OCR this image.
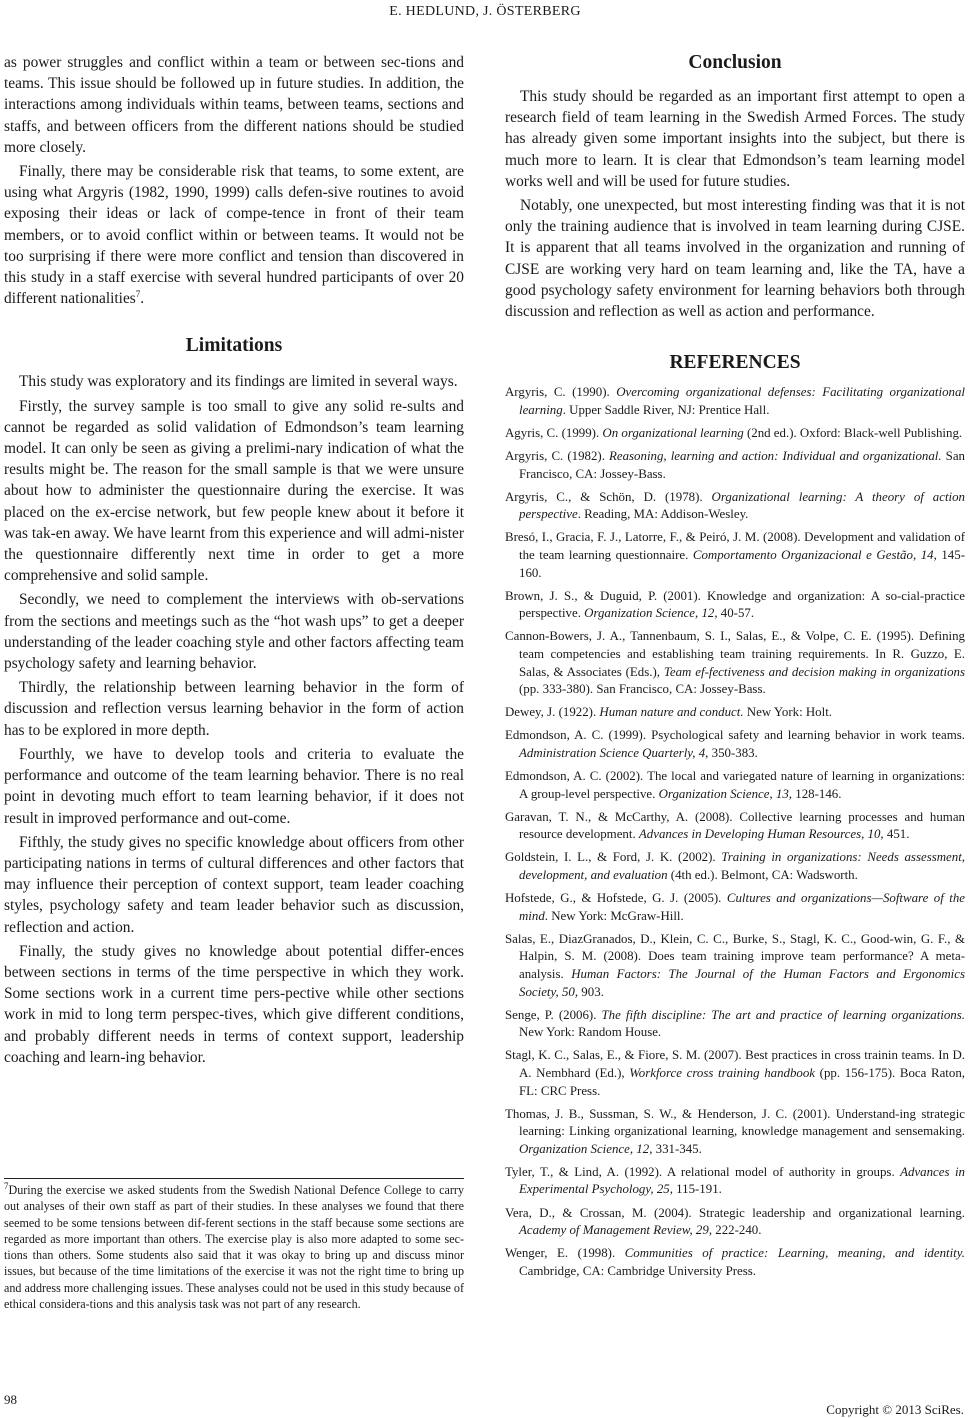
E. HEDLUND, J. ÖSTERBERG

as power struggles and conflict within a team or between sec-tions and teams. This issue should be followed up in future studies. In addition, the interactions among individuals within teams, between teams, sections and staffs, and between officers from the different nations should be studied more closely.

Finally, there may be considerable risk that teams, to some extent, are using what Argyris (1982, 1990, 1999) calls defen-sive routines to avoid exposing their ideas or lack of compe-tence in front of their team members, or to avoid conflict within or between teams. It would not be too surprising if there were more conflict and tension than discovered in this study in a staff exercise with several hundred participants of over 20 different nationalities$^7$.

Limitations

This study was exploratory and its findings are limited in several ways.

Firstly, the survey sample is too small to give any solid re-sults and cannot be regarded as solid validation of Edmondson’s team learning model. It can only be seen as giving a prelimi-nary indication of what the results might be. The reason for the small sample is that we were unsure about how to administer the questionnaire during the exercise. It was placed on the ex-ercise network, but few people knew about it before it was tak-en away. We have learnt from this experience and will admi-nister the questionnaire differently next time in order to get a more comprehensive and solid sample.

Secondly, we need to complement the interviews with ob-servations from the sections and meetings such as the “hot wash ups” to get a deeper understanding of the leader coaching style and other factors affecting team psychology safety and learning behavior.

Thirdly, the relationship between learning behavior in the form of discussion and reflection versus learning behavior in the form of action has to be explored in more depth.

Fourthly, we have to develop tools and criteria to evaluate the performance and outcome of the team learning behavior. There is no real point in devoting much effort to team learning behavior, if it does not result in improved performance and out-come.

Fifthly, the study gives no specific knowledge about officers from other participating nations in terms of cultural differences and other factors that may influence their perception of context support, team leader coaching styles, psychology safety and team leader behavior such as discussion, reflection and action.

Finally, the study gives no knowledge about potential differ-ences between sections in terms of the time perspective in which they work. Some sections work in a current time pers-pective while other sections work in mid to long term perspec-tives, which give different conditions, and probably different needs in terms of context support, leadership coaching and learn-ing behavior.

$^7$During the exercise we asked students from the Swedish National Defence College to carry out analyses of their own staff as part of their studies. In these analyses we found that there seemed to be some tensions between dif-ferent sections in the staff because some sections are regarded as more important than others. The exercise play is also more adapted to some sec-tions than others. Some students also said that it was okay to bring up and discuss minor issues, but because of the time limitations of the exercise it was not the right time to bring up and address more challenging issues. These analyses could not be used in this study because of ethical considera-tions and this analysis task was not part of any research.

Conclusion

This study should be regarded as an important first attempt to open a research field of team learning in the Swedish Armed Forces. The study has already given some important insights into the subject, but there is much more to learn. It is clear that Edmondson’s team learning model works well and will be used for future studies.

Notably, one unexpected, but most interesting finding was that it is not only the training audience that is involved in team learning during CJSE. It is apparent that all teams involved in the organization and running of CJSE are working very hard on team learning and, like the TA, have a good psychology safety environment for learning behaviors both through discussion and reflection as well as action and performance.

REFERENCES

Argyris, C. (1990). Overcoming organizational defenses: Facilitating organizational learning. Upper Saddle River, NJ: Prentice Hall.

Agyris, C. (1999). On organizational learning (2nd ed.). Oxford: Black-well Publishing.

Argyris, C. (1982). Reasoning, learning and action: Individual and organizational. San Francisco, CA: Jossey-Bass.

Argyris, C., & Schön, D. (1978). Organizational learning: A theory of action perspective. Reading, MA: Addison-Wesley.

Bresó, I., Gracia, F. J., Latorre, F., & Peiró, J. M. (2008). Development and validation of the team learning questionnaire. Comportamento Organizacional e Gestão, 14, 145-160.

Brown, J. S., & Duguid, P. (2001). Knowledge and organization: A so-cial-practice perspective. Organization Science, 12, 40-57.

Cannon-Bowers, J. A., Tannenbaum, S. I., Salas, E., & Volpe, C. E. (1995). Defining team competencies and establishing team training requirements. In R. Guzzo, E. Salas, & Associates (Eds.), Team ef-fectiveness and decision making in organizations (pp. 333-380). San Francisco, CA: Jossey-Bass.

Dewey, J. (1922). Human nature and conduct. New York: Holt.

Edmondson, A. C. (1999). Psychological safety and learning behavior in work teams. Administration Science Quarterly, 4, 350-383.

Edmondson, A. C. (2002). The local and variegated nature of learning in organizations: A group-level perspective. Organization Science, 13, 128-146.

Garavan, T. N., & McCarthy, A. (2008). Collective learning processes and human resource development. Advances in Developing Human Resources, 10, 451.

Goldstein, I. L., & Ford, J. K. (2002). Training in organizations: Needs assessment, development, and evaluation (4th ed.). Belmont, CA: Wadsworth.

Hofstede, G., & Hofstede, G. J. (2005). Cultures and organizations—Software of the mind. New York: McGraw-Hill.

Salas, E., DiazGranados, D., Klein, C. C., Burke, S., Stagl, K. C., Good-win, G. F., & Halpin, S. M. (2008). Does team training improve team performance? A meta-analysis. Human Factors: The Journal of the Human Factors and Ergonomics Society, 50, 903.

Senge, P. (2006). The fifth discipline: The art and practice of learning organizations. New York: Random House.

Stagl, K. C., Salas, E., & Fiore, S. M. (2007). Best practices in cross trainin teams. In D. A. Nembhard (Ed.), Workforce cross training handbook (pp. 156-175). Boca Raton, FL: CRC Press.

Thomas, J. B., Sussman, S. W., & Henderson, J. C. (2001). Understand-ing strategic learning: Linking organizational learning, knowledge management and sensemaking. Organization Science, 12, 331-345.

Tyler, T., & Lind, A. (1992). A relational model of authority in groups. Advances in Experimental Psychology, 25, 115-191.

Vera, D., & Crossan, M. (2004). Strategic leadership and organizational learning. Academy of Management Review, 29, 222-240.

Wenger, E. (1998). Communities of practice: Learning, meaning, and identity. Cambridge, CA: Cambridge University Press.

98
Copyright © 2013 SciRes.
